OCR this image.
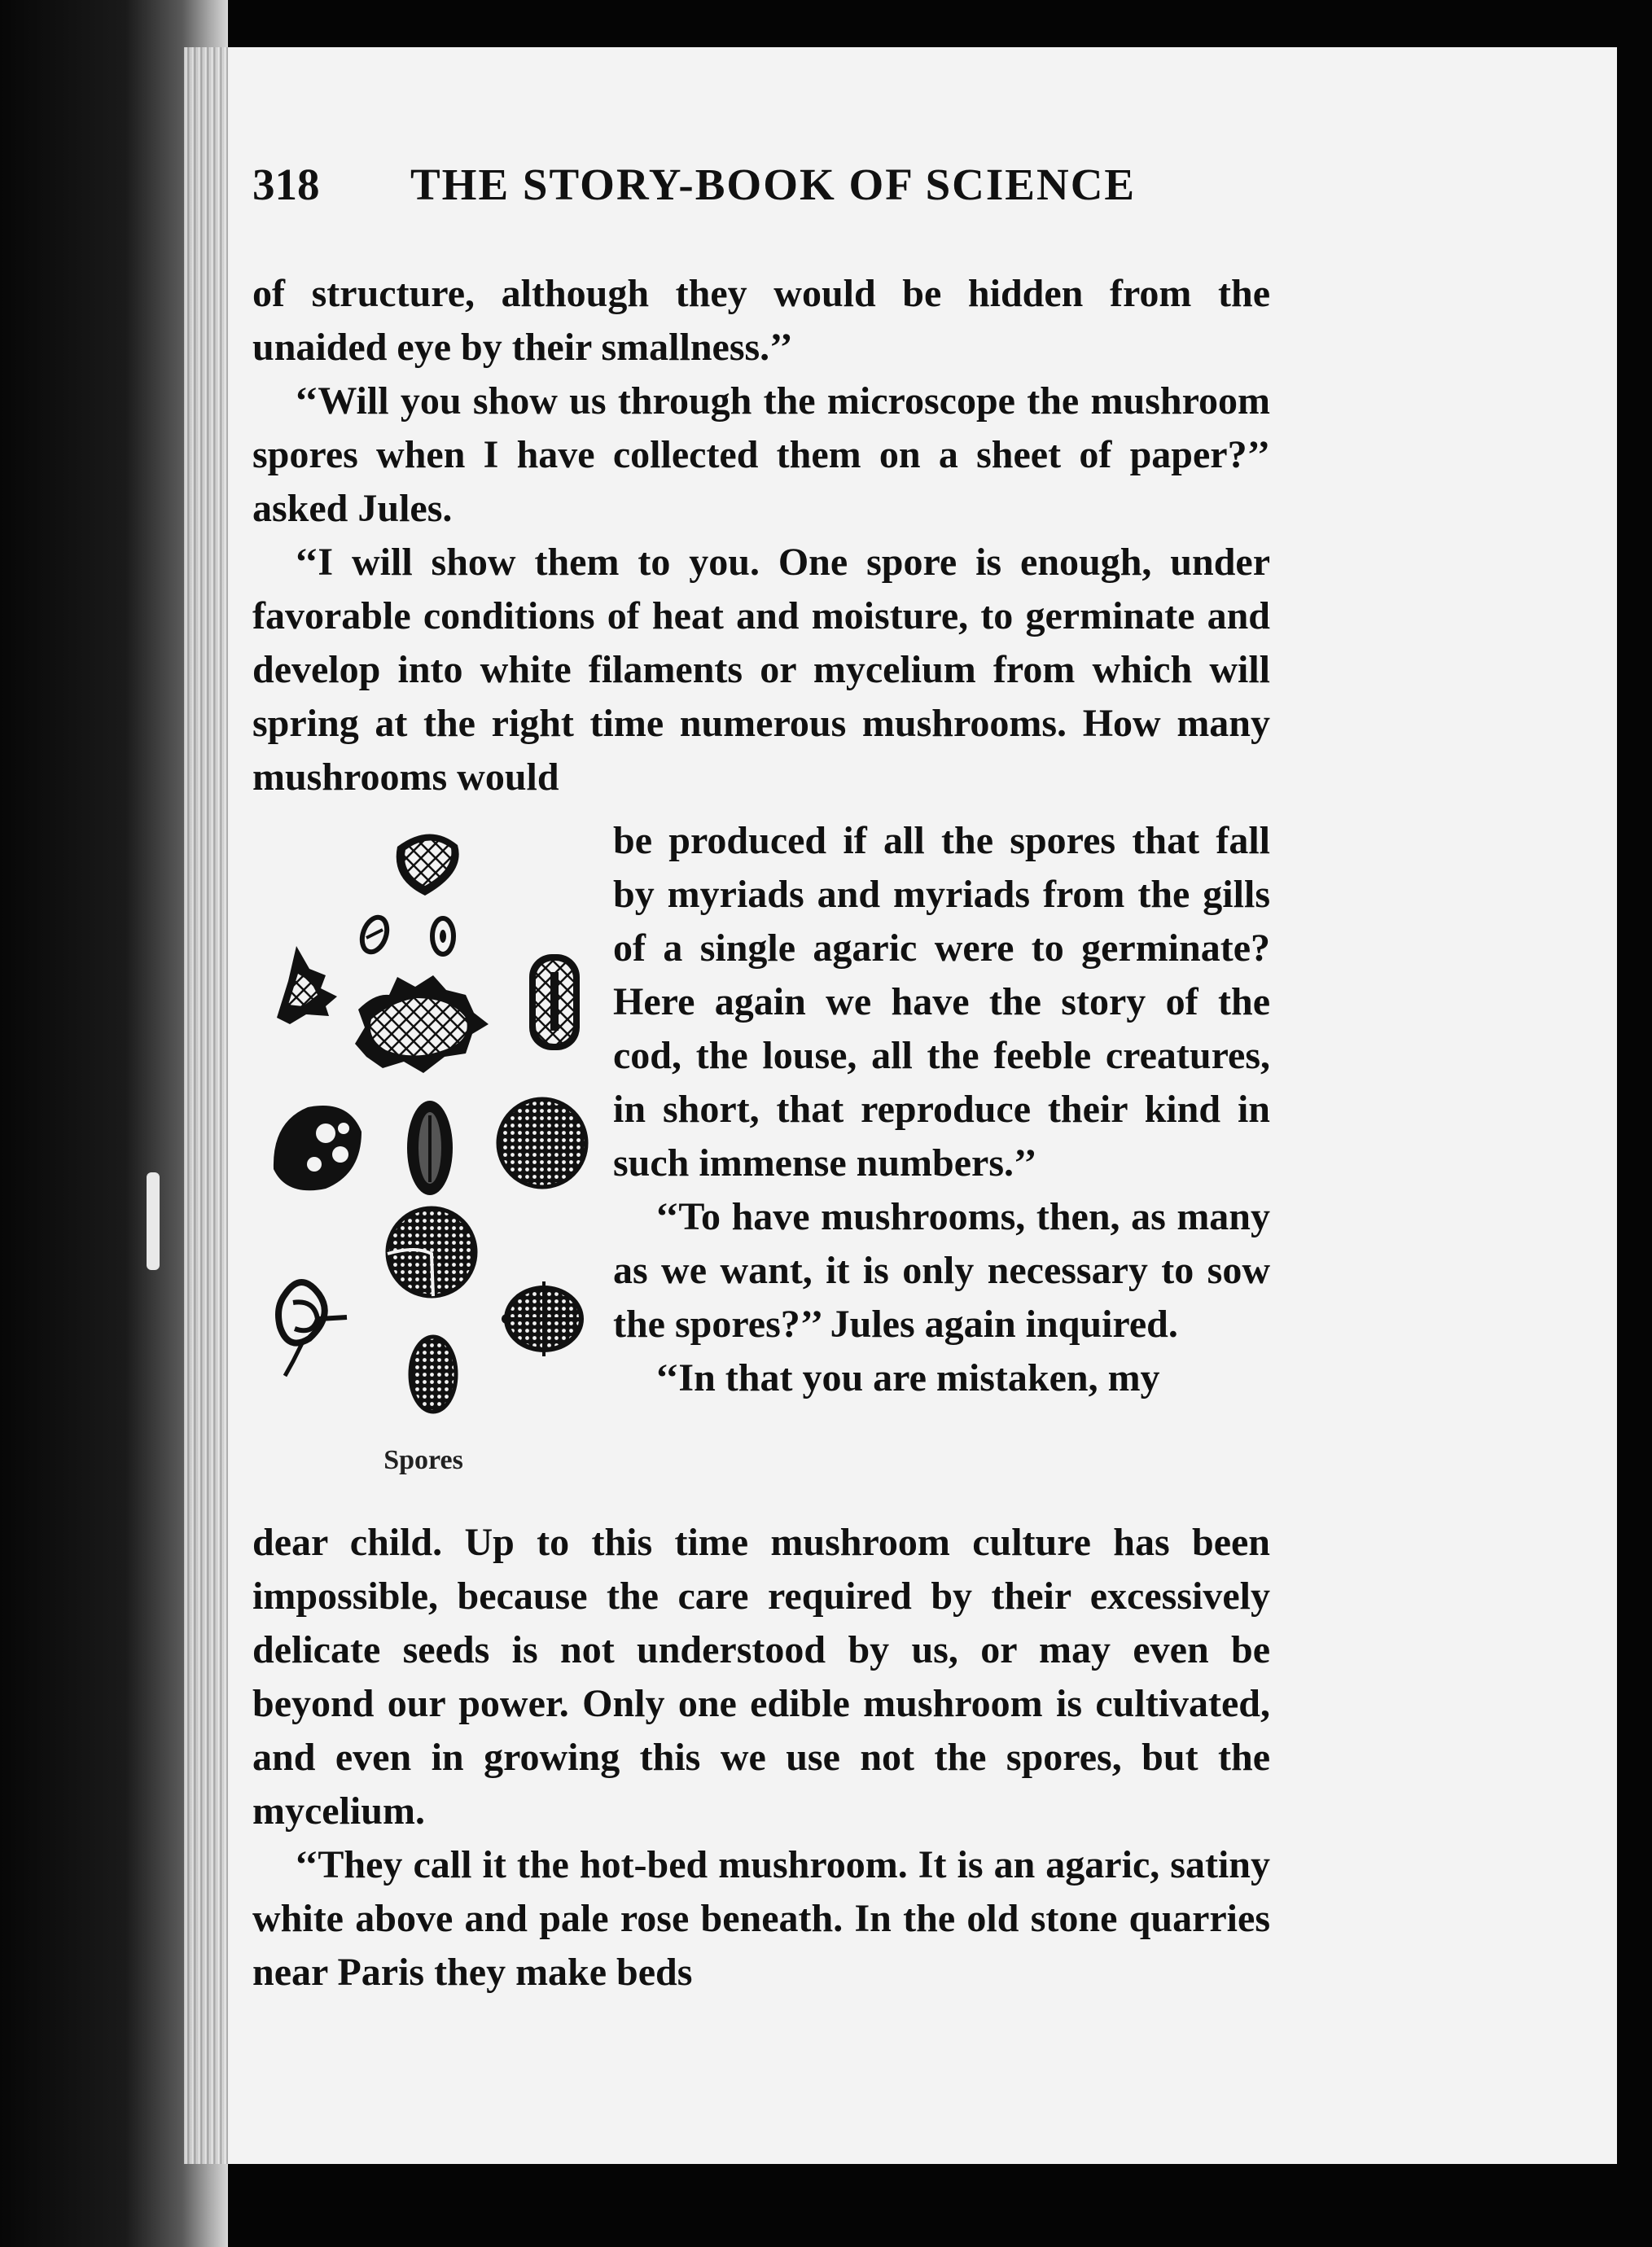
318 THE STORY-BOOK OF SCIENCE

of structure, although they would be hidden from the unaided eye by their smallness.’’

‘‘Will you show us through the microscope the mushroom spores when I have collected them on a sheet of paper?’’ asked Jules.

‘‘I will show them to you. One spore is enough, under favorable conditions of heat and moisture, to germinate and develop into white filaments or mycelium from which will spring at the right time numerous mushrooms. How many mushrooms would

Spores

be produced if all the spores that fall by myriads and myriads from the gills of a single agaric were to germinate? Here again we have the story of the cod, the louse, all the feeble creatures, in short, that reproduce their kind in such immense numbers.’’

‘‘To have mushrooms, then, as many as we want, it is only necessary to sow the spores?’’ Jules again inquired.

‘‘In that you are mistaken, my

dear child. Up to this time mushroom culture has been impossible, because the care required by their excessively delicate seeds is not understood by us, or may even be beyond our power. Only one edible mushroom is cultivated, and even in growing this we use not the spores, but the mycelium.

‘‘They call it the hot-bed mushroom. It is an agaric, satiny white above and pale rose beneath. In the old stone quarries near Paris they make beds
